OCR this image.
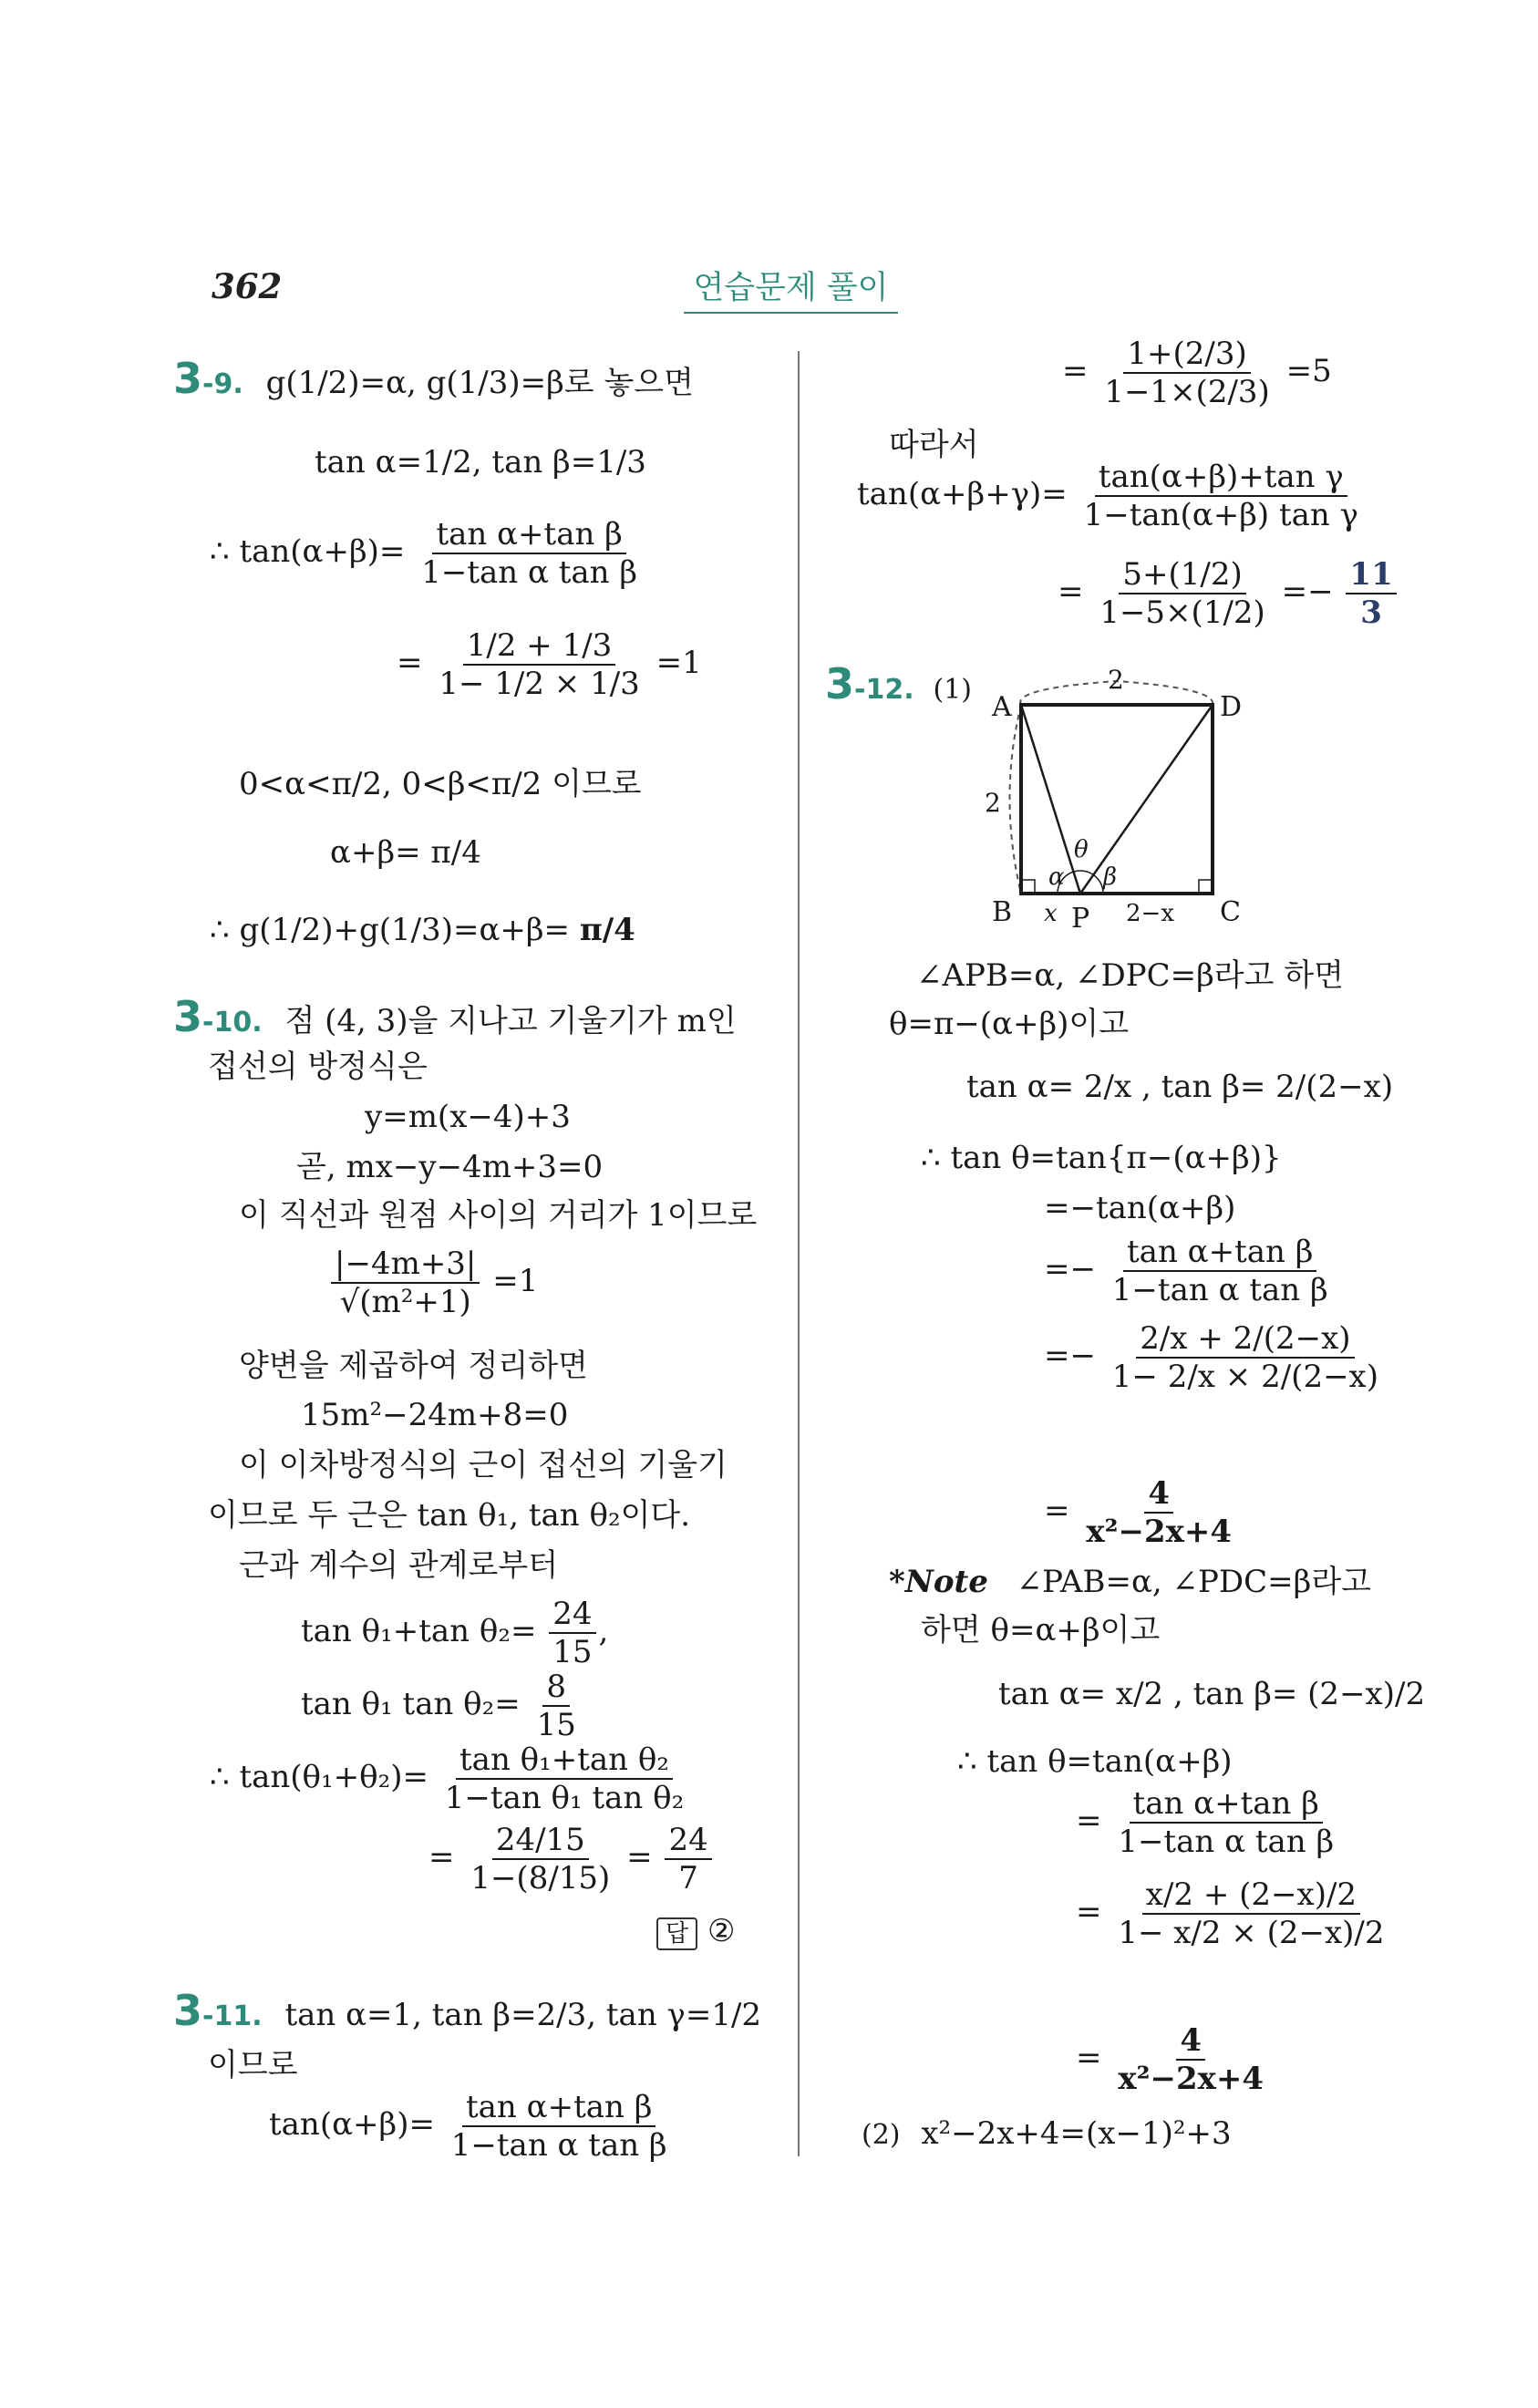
362	연습문제 풀이
3-9. g(1/2)=α, g(1/3)=β로 놓으면
tan α=1/2, tan β=1/3
∴ $\tan(\alpha+\beta)= \frac{\text{tan α+tan β}}{\text{1−tan α tan β}}$
= $\frac{1/2 + 1/3}{1- 1/2 \times 1/3} =1$
0<α<π/2, 0<β<π/2 이므로
α+β= π/4
∴ g(1/2)+g(1/3)=α+β= π/4
3-10. 점 (4, 3)을 지나고 기울기가 m인
접선의 방정식은
y=m(x−4)+3
곧, mx−y−4m+3=0
이 직선과 원점 사이의 거리가 1이므로
$\frac{|-4m+3|}{\text{√(m²+1)}} =1$
양변을 제곱하여 정리하면
15m²−24m+8=0
이 이차방정식의 근이 접선의 기울기
이므로 두 근은 tan θ₁, tan θ₂이다.
근과 계수의 관계로부터
tan θ₁+tan $\theta_2= \frac{24}{15}$ ,
tan θ₁ $\tan \theta_2= \frac{8}{15}$
∴ $\tan(\theta_1+\theta_2)= \frac{\text{tan θ₁+tan θ₂}}{\text{1−tan θ₁ tan θ₂}}$
= $\frac{24/15}{1-(8/15)} = \frac{24}{7}$
답 ②
3-11. tan α=1, tan β=2/3, tan γ=1/2
이므로
$\tan(\alpha+\beta)= \frac{\text{tan α+tan β}}{\text{1−tan α tan β}}$
= $\frac{1+(2/3)}{1-1\times(2/3)} =5$
따라서
$\tan(\alpha+\beta+\gamma)= \frac{\text{tan(α+β)+tan γ}}{\text{1−tan(α+β) tan γ}}$
= $\frac{5+(1/2)}{1-5\times(1/2)} =- \frac{11}{3}$
3-12. (1)
A	D
B	C
P
2
2
x	2−x
α β
θ
∠APB=α, ∠DPC=β라고 하면
θ=π−(α+β)이고
tan α= 2/x , tan β= 2/(2−x)
∴ tan θ=tan{π−(α+β)}
=−tan(α+β)
=− $\frac{\text{tan α+tan β}}{\text{1−tan α tan β}}$
=− $\frac{2/x + 2/(2-x)}{1- 2/x \times 2/(2-x)}$
= $\frac{4}{\text{x²−2x+4}}$
*Note ∠PAB=α, ∠PDC=β라고
하면 θ=α+β이고
tan α= x/2 , tan β= (2−x)/2
∴ tan θ=tan(α+β)
= $\frac{\text{tan α+tan β}}{\text{1−tan α tan β}}$
= $\frac{x/2 + (2-x)/2}{1- x/2 \times (2-x)/2}$
= $\frac{4}{\text{x²−2x+4}}$
(2) x²−2x+4=(x−1)²+3
